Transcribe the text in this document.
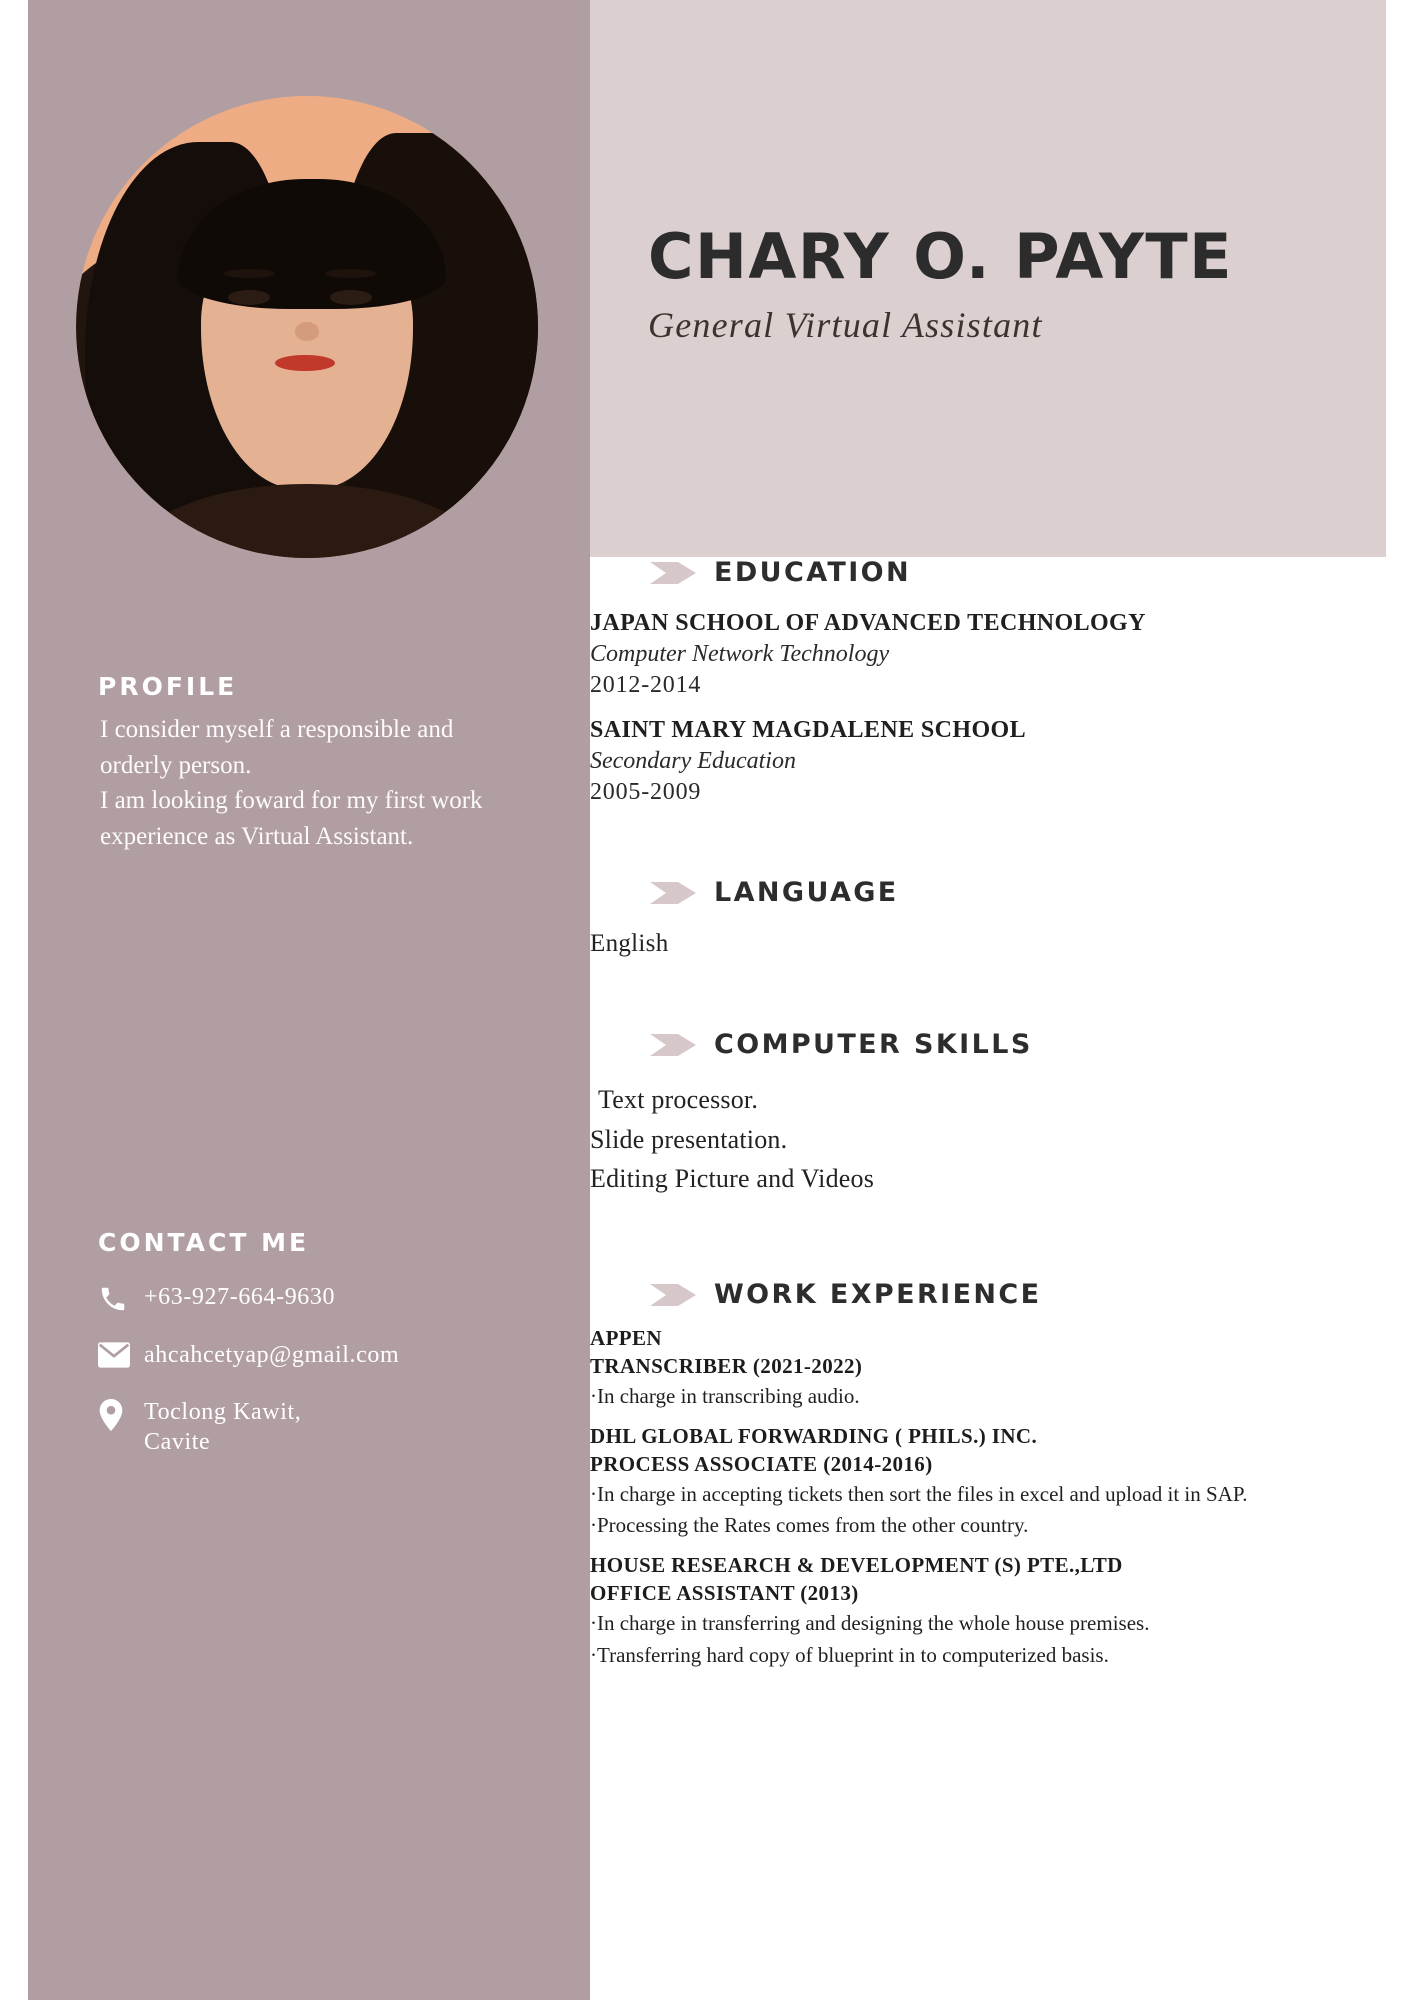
CHARY O. PAYTE
General Virtual Assistant
PROFILE
I consider myself a responsible and orderly person.
I am looking foward for my first work experience as Virtual Assistant.
CONTACT ME
+63-927-664-9630
ahcahcetyap@gmail.com
Toclong Kawit,
Cavite
EDUCATION
JAPAN SCHOOL OF ADVANCED TECHNOLOGY
Computer Network Technology
2012-2014
SAINT MARY MAGDALENE SCHOOL
Secondary Education
2005-2009
LANGUAGE
English
COMPUTER SKILLS
Text processor.
Slide presentation.
Editing Picture and Videos
WORK EXPERIENCE
APPEN
TRANSCRIBER (2021-2022)
·In charge in transcribing audio.
DHL GLOBAL FORWARDING ( PHILS.) INC.
PROCESS ASSOCIATE (2014-2016)
·In charge in accepting tickets then sort the files in excel and upload it in SAP.
·Processing the Rates comes from the other country.
HOUSE RESEARCH & DEVELOPMENT (S) PTE.,LTD
OFFICE ASSISTANT (2013)
·In charge in transferring and designing the whole house premises.
·Transferring hard copy of blueprint in to computerized basis.
